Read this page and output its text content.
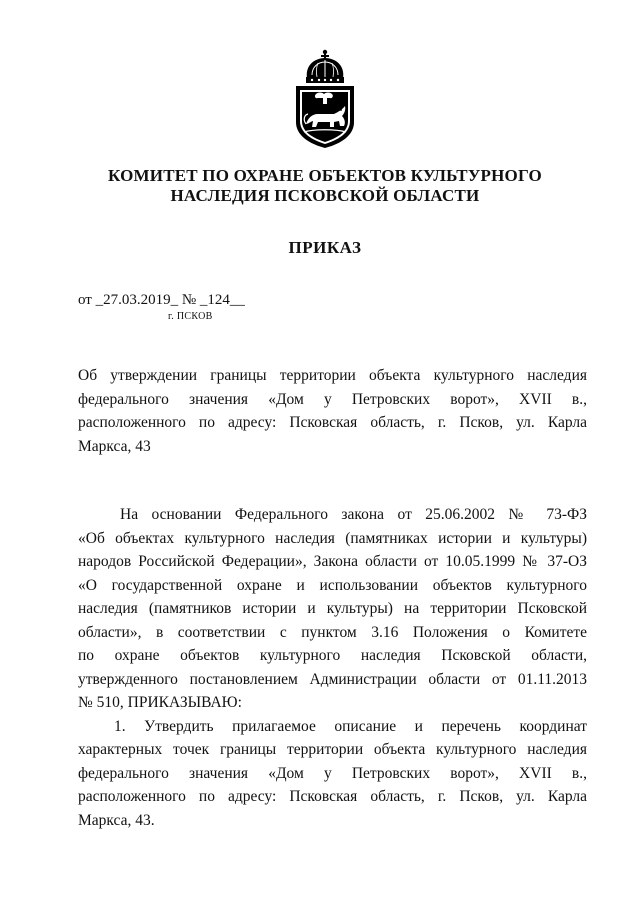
КОМИТЕТ ПО ОХРАНЕ ОБЪЕКТОВ КУЛЬТУРНОГО
НАСЛЕДИЯ ПСКОВСКОЙ ОБЛАСТИ
ПРИКАЗ
от _27.03.2019_ № _124__
г. ПСКОВ
Об утверждении границы территории объекта культурного наследия
федерального значения «Дом у Петровских ворот», XVII в.,
расположенного по адресу: Псковская область, г. Псков, ул. Карла
Маркса, 43
На основании Федерального закона от 25.06.2002 № 73-ФЗ
«Об объектах культурного наследия (памятниках истории и культуры)
народов Российской Федерации», Закона области от 10.05.1999 № 37-ОЗ
«О государственной охране и использовании объектов культурного
наследия (памятников истории и культуры) на территории Псковской
области», в соответствии с пунктом 3.16 Положения о Комитете
по охране объектов культурного наследия Псковской области,
утвержденного постановлением Администрации области от 01.11.2013
№ 510, ПРИКАЗЫВАЮ:
1. Утвердить прилагаемое описание и перечень координат
характерных точек границы территории объекта культурного наследия
федерального значения «Дом у Петровских ворот», XVII в.,
расположенного по адресу: Псковская область, г. Псков, ул. Карла
Маркса, 43.
